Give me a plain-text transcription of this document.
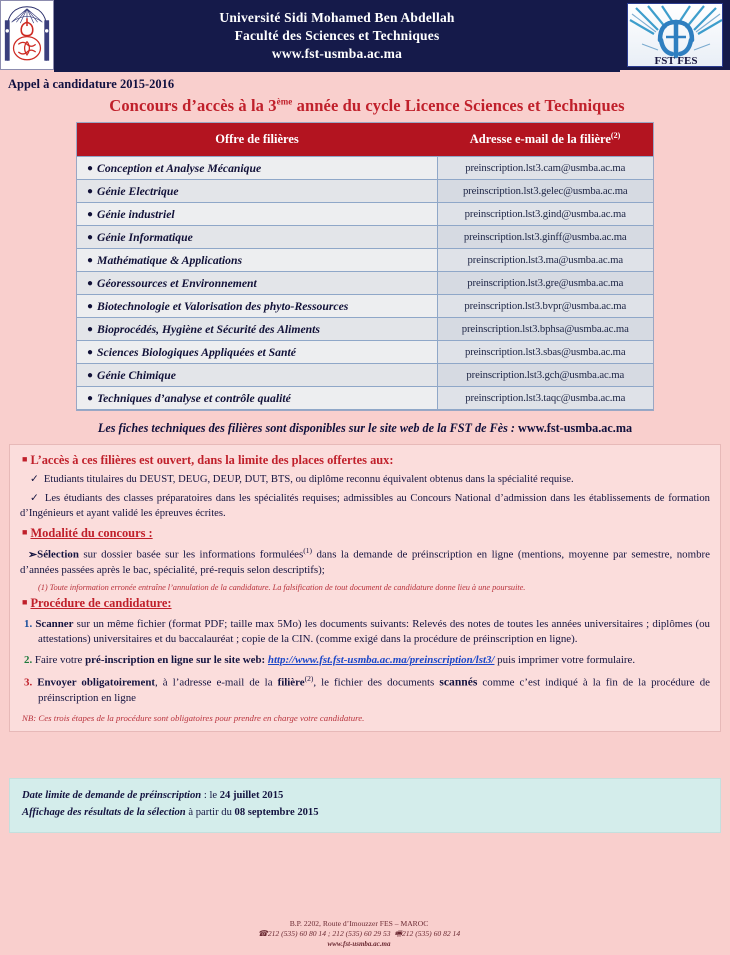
Université Sidi Mohamed Ben Abdellah
Faculté des Sciences et Techniques
www.fst-usmba.ac.ma
FST FES
Appel à candidature 2015-2016
Concours d’accès à la 3ème année du cycle Licence Sciences et Techniques
Offre de filières	Adresse e-mail de la filière$^{(2)}$
● Conception et Analyse Mécanique	preinscription.lst3.cam@usmba.ac.ma
● Génie Electrique	preinscription.lst3.gelec@usmba.ac.ma
● Génie industriel	preinscription.lst3.gind@usmba.ac.ma
● Génie Informatique	preinscription.lst3.ginff@usmba.ac.ma
● Mathématique & Applications	preinscription.lst3.ma@usmba.ac.ma
● Géoressources et Environnement	preinscription.lst3.gre@usmba.ac.ma
● Biotechnologie et Valorisation des phyto-Ressources	preinscription.lst3.bvpr@usmba.ac.ma
● Bioprocédés, Hygiène et Sécurité des Aliments	preinscription.lst3.bphsa@usmba.ac.ma
● Sciences Biologiques Appliquées et Santé	preinscription.lst3.sbas@usmba.ac.ma
● Génie Chimique	preinscription.lst3.gch@usmba.ac.ma
● Techniques d’analyse et contrôle qualité	preinscription.lst3.taqc@usmba.ac.ma
Les fiches techniques des filières sont disponibles sur le site web de la FST de Fès : www.fst-usmba.ac.ma
■ L’accès à ces filières est ouvert, dans la limite des places offertes aux:
✓ Etudiants titulaires du DEUST, DEUG, DEUP, DUT, BTS, ou diplôme reconnu équivalent obtenus dans la spécialité requise.
✓ Les étudiants des classes préparatoires dans les spécialités requises; admissibles au Concours National d’admission dans les établissements de formation d’Ingénieurs et ayant validé les épreuves écrites.
■ Modalité du concours :
➢Sélection sur dossier basée sur les informations formulées$^{(1)}$ dans la demande de préinscription en ligne (mentions, moyenne par semestre, nombre d’années passées après le bac, spécialité, pré-requis selon descriptifs);
(1) Toute information erronée entraîne l’annulation de la candidature. La falsification de tout document de candidature donne lieu à une poursuite.
■ Procédure de candidature:
1. Scanner sur un même fichier (format PDF; taille max 5Mo) les documents suivants: Relevés des notes de toutes les années universitaires ; diplômes (ou attestations) universitaires et du baccalauréat ; copie de la CIN. (comme exigé dans la procédure de préinscription en ligne).
2. Faire votre pré-inscription en ligne sur le site web: http://www.fst.fst-usmba.ac.ma/preinscription/lst3/ puis imprimer votre formulaire.
3. Envoyer obligatoirement, à l’adresse e-mail de la filière$^{(2)}$, le fichier des documents scannés comme c’est indiqué à la fin de la procédure de préinscription en ligne
NB: Ces trois étapes de la procédure sont obligatoires pour prendre en charge votre candidature.
Date limite de demande de préinscription : le 24 juillet 2015
Affichage des résultats de la sélection à partir du 08 septembre 2015
B.P. 2202, Route d’Imouzzer FES – MAROC
☎212 (535) 60 80 14 ; 212 (535) 60 29 53 🖷212 (535) 60 82 14
www.fst-usmba.ac.ma
